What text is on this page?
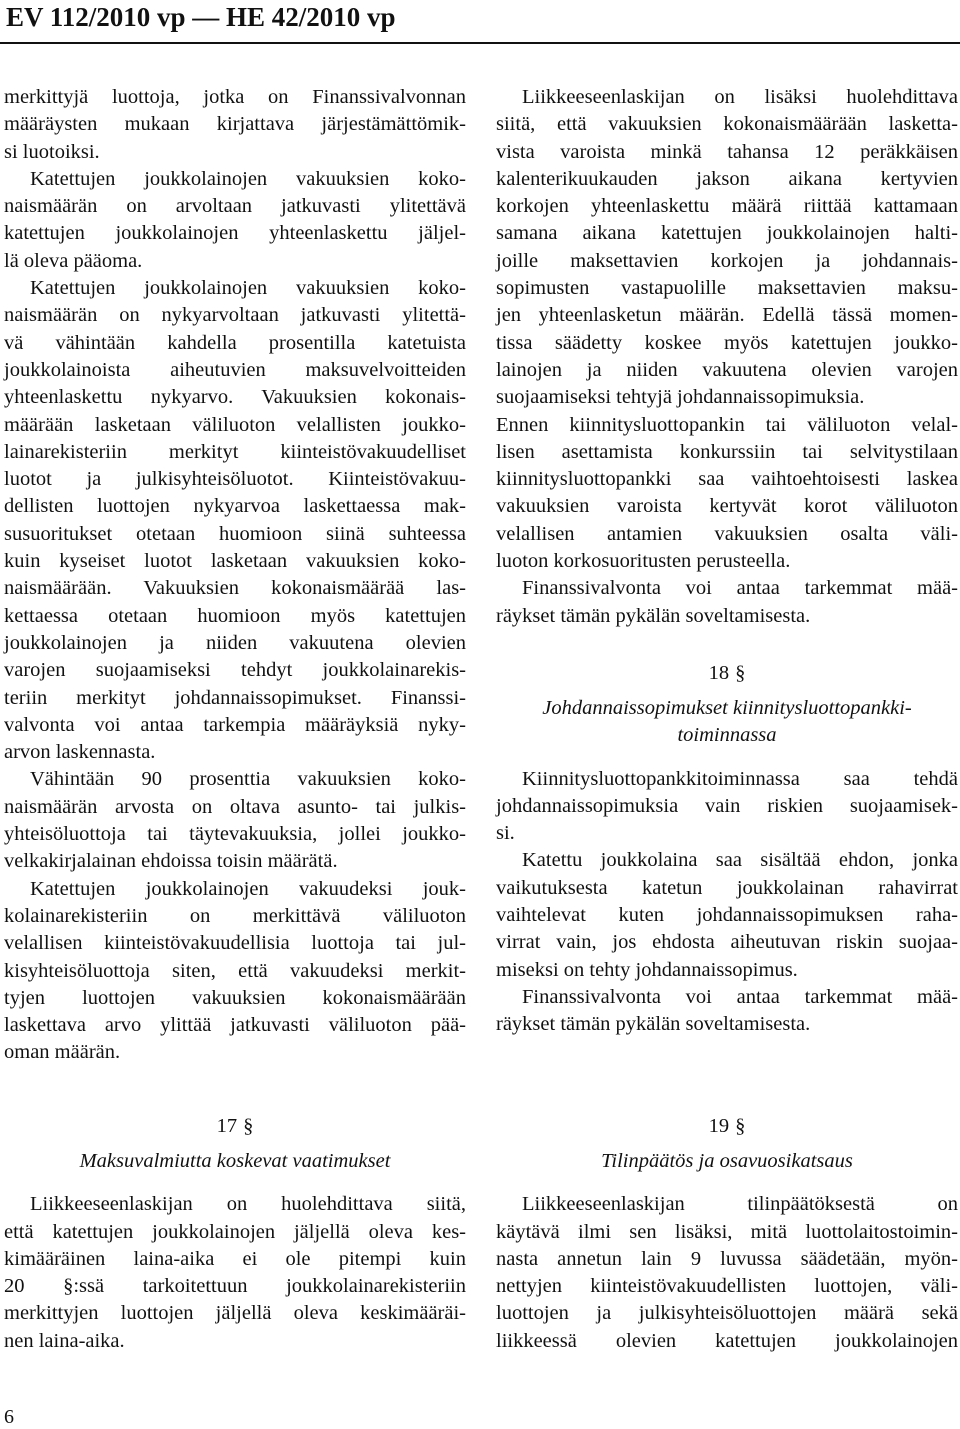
EV 112/2010 vp — HE 42/2010 vp
merkittyjä luottoja, jotka on Finanssivalvonnan
määräysten mukaan kirjattava järjestämättömik-
si luotoiksi.
Katettujen joukkolainojen vakuuksien koko-
naismäärän on arvoltaan jatkuvasti ylitettävä
katettujen joukkolainojen yhteenlaskettu jäljel-
lä oleva pääoma.
Katettujen joukkolainojen vakuuksien koko-
naismäärän on nykyarvoltaan jatkuvasti ylitettä-
vä vähintään kahdella prosentilla katetuista
joukkolainoista aiheutuvien maksuvelvoitteiden
yhteenlaskettu nykyarvo. Vakuuksien kokonais-
määrään lasketaan väliluoton velallisten joukko-
lainarekisteriin merkityt kiinteistövakuudelliset
luotot ja julkisyhteisöluotot. Kiinteistövakuu-
dellisten luottojen nykyarvoa laskettaessa mak-
susuoritukset otetaan huomioon siinä suhteessa
kuin kyseiset luotot lasketaan vakuuksien koko-
naismäärään. Vakuuksien kokonaismäärää las-
kettaessa otetaan huomioon myös katettujen
joukkolainojen ja niiden vakuutena olevien
varojen suojaamiseksi tehdyt joukkolainarekis-
teriin merkityt johdannaissopimukset. Finanssi-
valvonta voi antaa tarkempia määräyksiä nyky-
arvon laskennasta.
Vähintään 90 prosenttia vakuuksien koko-
naismäärän arvosta on oltava asunto- tai julkis-
yhteisöluottoja tai täytevakuuksia, jollei joukko-
velkakirjalainan ehdoissa toisin määrätä.
Katettujen joukkolainojen vakuudeksi jouk-
kolainarekisteriin on merkittävä väliluoton
velallisen kiinteistövakuudellisia luottoja tai jul-
kisyhteisöluottoja siten, että vakuudeksi merkit-
tyjen luottojen vakuuksien kokonaismäärään
laskettava arvo ylittää jatkuvasti väliluoton pää-
oman määrän.
Liikkeeseenlaskijan on lisäksi huolehdittava
siitä, että vakuuksien kokonaismäärään lasketta-
vista varoista minkä tahansa 12 peräkkäisen
kalenterikuukauden jakson aikana kertyvien
korkojen yhteenlaskettu määrä riittää kattamaan
samana aikana katettujen joukkolainojen halti-
joille maksettavien korkojen ja johdannais-
sopimusten vastapuolille maksettavien maksu-
jen yhteenlasketun määrän. Edellä tässä momen-
tissa säädetty koskee myös katettujen joukko-
lainojen ja niiden vakuutena olevien varojen
suojaamiseksi tehtyjä johdannaissopimuksia.
Ennen kiinnitysluottopankin tai väliluoton velal-
lisen asettamista konkurssiin tai selvitystilaan
kiinnitysluottopankki saa vaihtoehtoisesti laskea
vakuuksien varoista kertyvät korot väliluoton
velallisen antamien vakuuksien osalta väli-
luoton korkosuoritusten perusteella.
Finanssivalvonta voi antaa tarkemmat mää-
räykset tämän pykälän soveltamisesta.
18 §
Johdannaissopimukset kiinnitysluottopankki-
toiminnassa
Kiinnitysluottopankkitoiminnassa saa tehdä
johdannaissopimuksia vain riskien suojaamisek-
si.
Katettu joukkolaina saa sisältää ehdon, jonka
vaikutuksesta katetun joukkolainan rahavirrat
vaihtelevat kuten johdannaissopimuksen raha-
virrat vain, jos ehdosta aiheutuvan riskin suojaa-
miseksi on tehty johdannaissopimus.
Finanssivalvonta voi antaa tarkemmat mää-
räykset tämän pykälän soveltamisesta.
17 §
Maksuvalmiutta koskevat vaatimukset
Liikkeeseenlaskijan on huolehdittava siitä,
että katettujen joukkolainojen jäljellä oleva kes-
kimääräinen laina-aika ei ole pitempi kuin
20 §:ssä tarkoitettuun joukkolainarekisteriin
merkittyjen luottojen jäljellä oleva keskimääräi-
nen laina-aika.
19 §
Tilinpäätös ja osavuosikatsaus
Liikkeeseenlaskijan tilinpäätöksestä on
käytävä ilmi sen lisäksi, mitä luottolaitostoimin-
nasta annetun lain 9 luvussa säädetään, myön-
nettyjen kiinteistövakuudellisten luottojen, väli-
luottojen ja julkisyhteisöluottojen määrä sekä
liikkeessä olevien katettujen joukkolainojen
6
